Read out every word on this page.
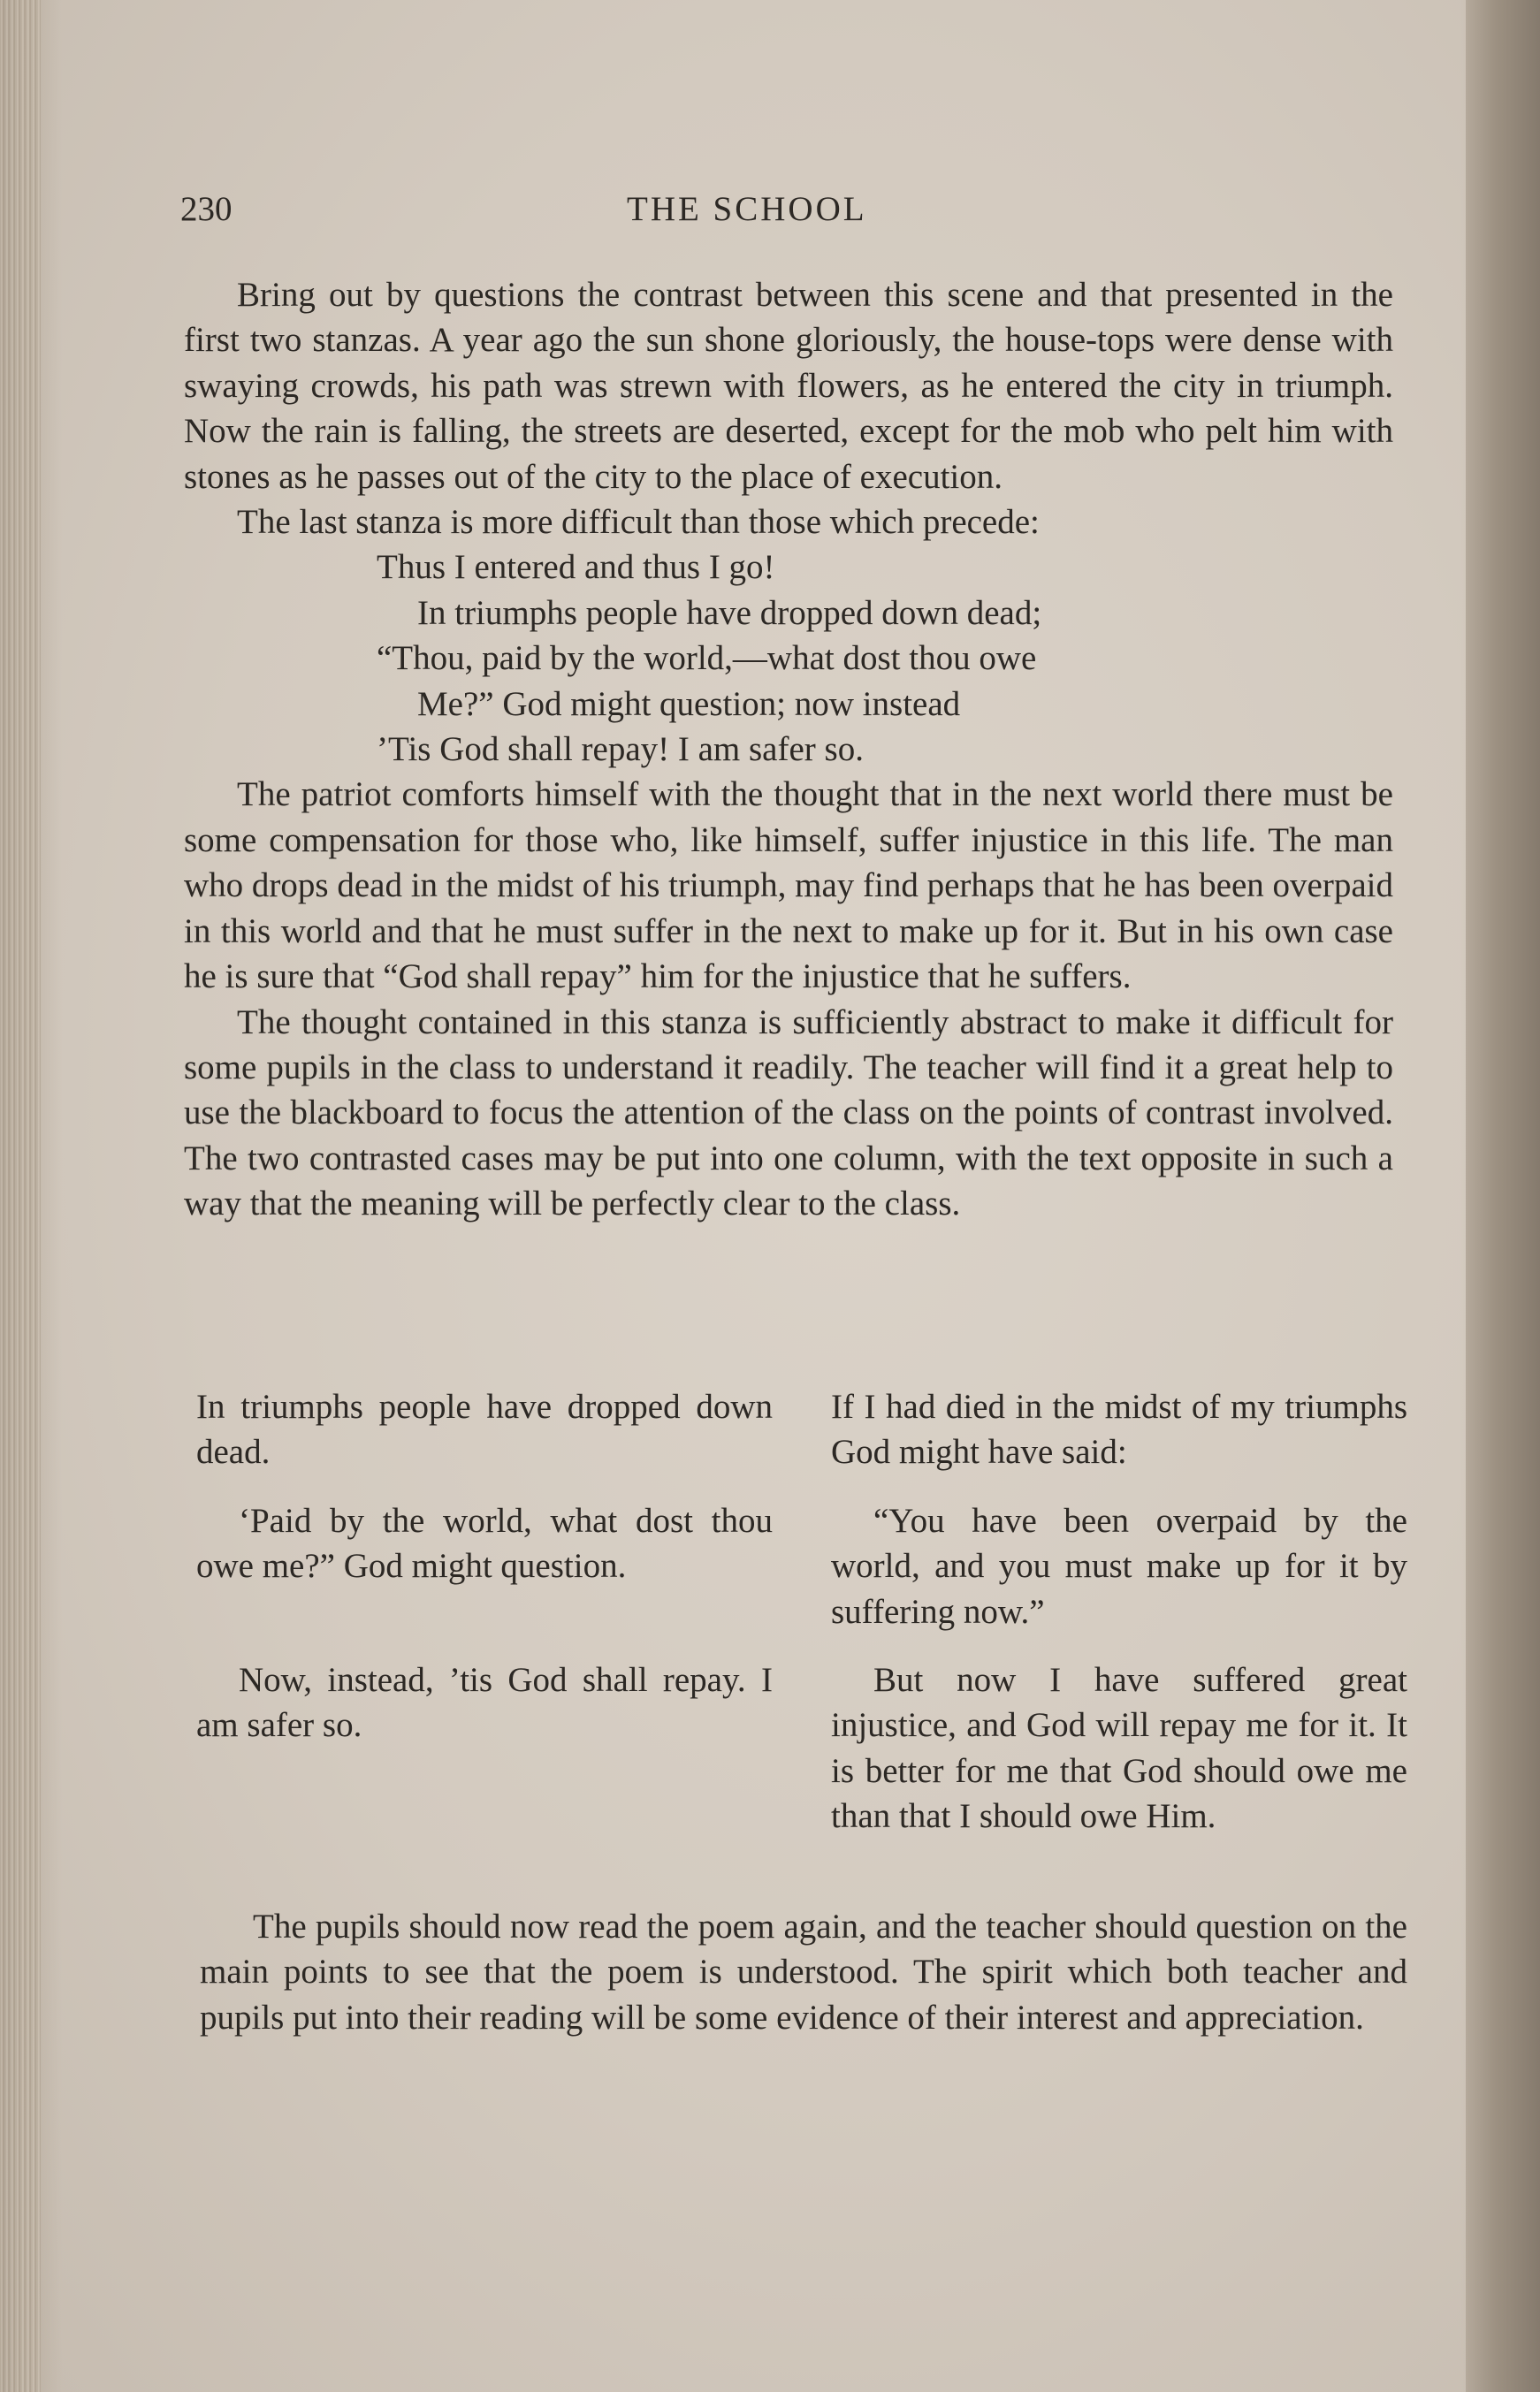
230	THE SCHOOL

Bring out by questions the contrast between this scene and that presented in the first two stanzas. A year ago the sun shone gloriously, the house-tops were dense with swaying crowds, his path was strewn with flowers, as he entered the city in triumph. Now the rain is falling, the streets are deserted, except for the mob who pelt him with stones as he passes out of the city to the place of execution.

The last stanza is more difficult than those which precede:

Thus I entered and thus I go!
In triumphs people have dropped down dead;
“Thou, paid by the world,—what dost thou owe
Me?” God might question; now instead
’Tis God shall repay! I am safer so.

The patriot comforts himself with the thought that in the next world there must be some compensation for those who, like himself, suffer injustice in this life. The man who drops dead in the midst of his triumph, may find perhaps that he has been overpaid in this world and that he must suffer in the next to make up for it. But in his own case he is sure that “God shall repay” him for the injustice that he suffers.

The thought contained in this stanza is sufficiently abstract to make it difficult for some pupils in the class to understand it readily. The teacher will find it a great help to use the blackboard to focus the attention of the class on the points of contrast involved. The two contrasted cases may be put into one column, with the text opposite in such a way that the meaning will be perfectly clear to the class.

In triumphs people have dropped down dead.
If I had died in the midst of my triumphs God might have said:
‘Paid by the world, what dost thou owe me?” God might question.
“You have been overpaid by the world, and you must make up for it by suffering now.”
Now, instead, ’tis God shall repay. I am safer so.
But now I have suffered great injustice, and God will repay me for it. It is better for me that God should owe me than that I should owe Him.

The pupils should now read the poem again, and the teacher should question on the main points to see that the poem is understood. The spirit which both teacher and pupils put into their reading will be some evidence of their interest and appreciation.
